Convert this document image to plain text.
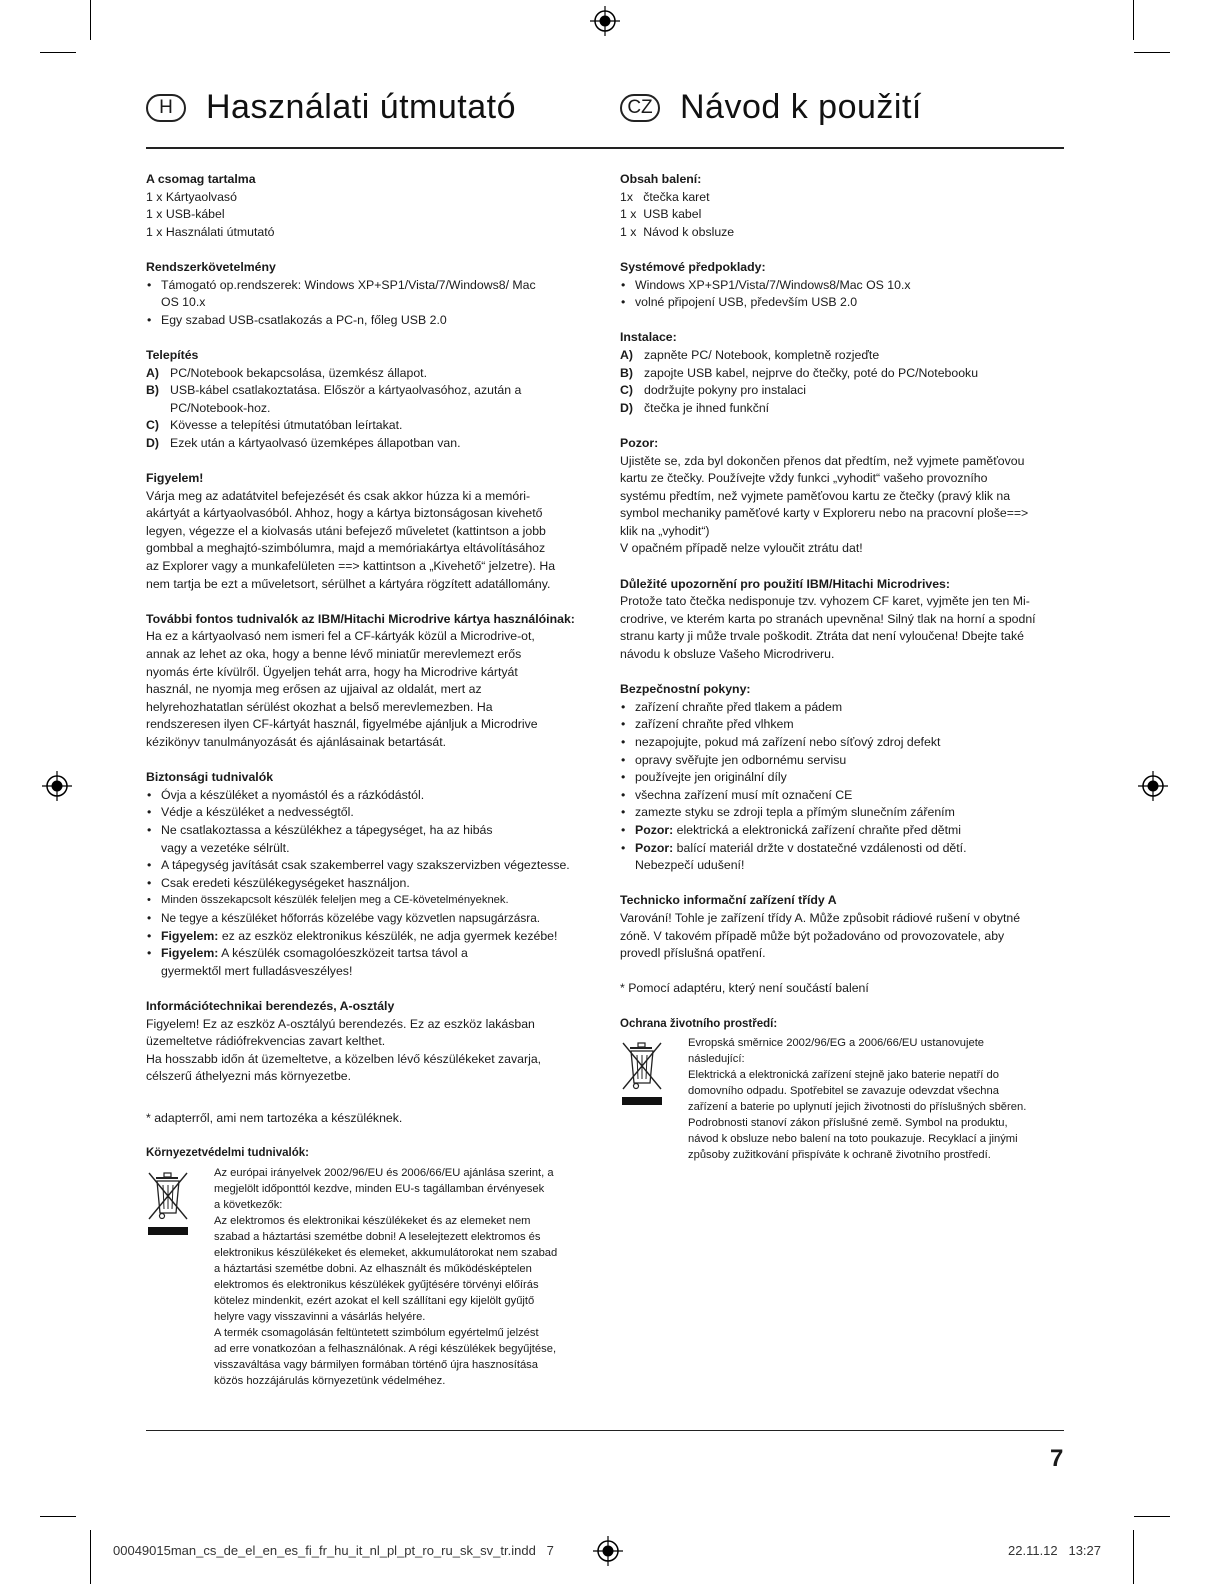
H Használati útmutató	CZ Návod k použití
A csomag tartalma
1 x Kártyaolvasó
1 x USB-kábel
1 x Használati útmutató
Rendszerkövetelmény
• Támogató op.rendszerek: Windows XP+SP1/Vista/7/Windows8/ Mac OS 10.x
• Egy szabad USB-csatlakozás a PC-n, főleg USB 2.0
Telepítés
A) PC/Notebook bekapcsolása, üzemkész állapot.
B) USB-kábel csatlakoztatása. Először a kártyaolvasóhoz, azután a PC/Notebook-hoz.
C) Kövesse a telepítési útmutatóban leírtakat.
D) Ezek után a kártyaolvasó üzemképes állapotban van.
Figyelem!
Várja meg az adatátvitel befejezését és csak akkor húzza ki a memóri-
akártyát a kártyaolvasóból. Ahhoz, hogy a kártya biztonságosan kivehető
legyen, végezze el a kiolvasás utáni befejező műveletet (kattintson a jobb
gombbal a meghajtó-szimbólumra, majd a memóriakártya eltávolításához
az Explorer vagy a munkafelületen ==> kattintson a „Kivehető“ jelzetre). Ha
nem tartja be ezt a műveletsort, sérülhet a kártyára rögzített adatállomány.
További fontos tudnivalók az IBM/Hitachi Microdrive kártya használóinak:
Ha ez a kártyaolvasó nem ismeri fel a CF-kártyák közül a Microdrive-ot,
annak az lehet az oka, hogy a benne lévő miniatűr merevlemezt erős
nyomás érte kívülről. Ügyeljen tehát arra, hogy ha Microdrive kártyát
használ, ne nyomja meg erősen az ujjaival az oldalát, mert az
helyrehozhatatlan sérülést okozhat a belső merevlemezben. Ha
rendszeresen ilyen CF-kártyát használ, figyelmébe ajánljuk a Microdrive
kézikönyv tanulmányozását és ajánlásainak betartását.
Biztonsági tudnivalók
• Óvja a készüléket a nyomástól és a rázkódástól.
• Védje a készüléket a nedvességtől.
• Ne csatlakoztassa a készülékhez a tápegységet, ha az hibás vagy a vezetéke sélrült.
• A tápegység javítását csak szakemberrel vagy szakszervizben végeztesse.
• Csak eredeti készülékegységeket használjon.
• Minden összekapcsolt készülék feleljen meg a CE-követelményeknek.
• Ne tegye a készüléket hőforrás közelébe vagy közvetlen napsugárzásra.
• Figyelem: ez az eszköz elektronikus készülék, ne adja gyermek kezébe!
• Figyelem: A készülék csomagolóeszközeit tartsa távol a gyermektől mert fulladásveszélyes!
Információtechnikai berendezés, A-osztály
Figyelem! Ez az eszköz A-osztályú berendezés. Ez az eszköz lakásban
üzemeltetve rádiófrekvencias zavart kelthet.
Ha hosszabb időn át üzemeltetve, a közelben lévő készülékeket zavarja,
célszerű áthelyezni más környezetbe.
* adapterről, ami nem tartozéka a készüléknek.
Környezetvédelmi tudnivalók:
Az európai irányelvek 2002/96/EU és 2006/66/EU ajánlása szerint, a
megjelölt időponttól kezdve, minden EU-s tagállamban érvényesek
a következők:
Az elektromos és elektronikai készülékeket és az elemeket nem
szabad a háztartási szemétbe dobni! A leselejtezett elektromos és
elektronikus készülékeket és elemeket, akkumulátorokat nem szabad
a háztartási szemétbe dobni. Az elhasznált és működésképtelen
elektromos és elektronikus készülékek gyűjtésére törvényi előírás
kötelez mindenkit, ezért azokat el kell szállítani egy kijelölt gyűjtő
helyre vagy visszavinni a vásárlás helyére.
A termék csomagolásán feltüntetett szimbólum egyértelmű jelzést
ad erre vonatkozóan a felhasználónak. A régi készülékek begyűjtése,
visszaváltása vagy bármilyen formában történő újra hasznosítása
közös hozzájárulás környezetünk védelméhez.
Obsah balení:
1x   čtečka karet
1 x  USB kabel
1 x  Návod k obsluze
Systémové předpoklady:
• Windows XP+SP1/Vista/7/Windows8/Mac OS 10.x
• volné připojení USB, především USB 2.0
Instalace:
A) zapněte PC/ Notebook, kompletně rozjeďte
B) zapojte USB kabel, nejprve do čtečky, poté do PC/Notebooku
C) dodržujte pokyny pro instalaci
D) čtečka je ihned funkční
Pozor:
Ujistěte se, zda byl dokončen přenos dat předtím, než vyjmete paměťovou
kartu ze čtečky. Používejte vždy funkci „vyhodit“ vašeho provozního
systému předtím, než vyjmete paměťovou kartu ze čtečky (pravý klik na
symbol mechaniky paměťové karty v Exploreru nebo na pracovní ploše==>
klik na „vyhodit“)
V opačném případě nelze vyloučit ztrátu dat!
Důležité upozornění pro použití IBM/Hitachi Microdrives:
Protože tato čtečka nedisponuje tzv. vyhozem CF karet, vyjměte jen ten Mi-
crodrive, ve kterém karta po stranách upevněna! Silný tlak na horní a spodní
stranu karty ji může trvale poškodit. Ztráta dat není vyloučena! Dbejte také
návodu k obsluze Vašeho Microdriveru.
Bezpečnostní pokyny:
• zařízení chraňte před tlakem a pádem
• zařízení chraňte před vlhkem
• nezapojujte, pokud má zařízení nebo síťový zdroj defekt
• opravy svěřujte jen odbornému servisu
• používejte jen originální díly
• všechna zařízení musí mít označení CE
• zamezte styku se zdroji tepla a přímým slunečním zářením
• Pozor: elektrická a elektronická zařízení chraňte před dětmi
• Pozor: balící materiál držte v dostatečné vzdálenosti od dětí. Nebezpečí udušení!
Technicko informační zařízení třídy A
Varování! Tohle je zařízení třídy A. Může způsobit rádiové rušení v obytné
zóně. V takovém případě může být požadováno od provozovatele, aby
provedl příslušná opatření.
* Pomocí adaptéru, který není součástí balení
Ochrana životního prostředí:
Evropská směrnice 2002/96/EG a 2006/66/EU ustanovujete
následující:
Elektrická a elektronická zařízení stejně jako baterie nepatří do
domovního odpadu. Spotřebitel se zavazuje odevzdat všechna
zařízení a baterie po uplynutí jejich životnosti do příslušných sběren.
Podrobnosti stanoví zákon příslušné země. Symbol na produktu,
návod k obsluze nebo balení na toto poukazuje. Recyklací a jinými
způsoby zužitkování přispíváte k ochraně životního prostředí.
7
00049015man_cs_de_el_en_es_fi_fr_hu_it_nl_pl_pt_ro_ru_sk_sv_tr.indd   7	22.11.12   13:27
